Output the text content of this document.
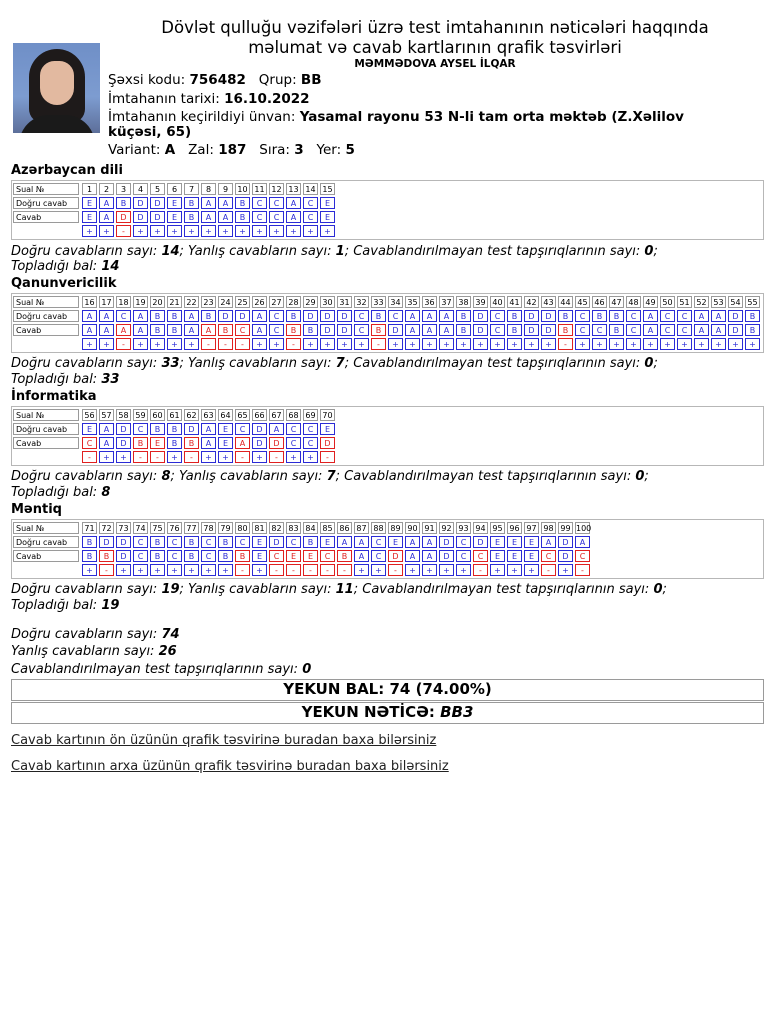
Dövlət qulluğu vəzifələri üzrə test imtahanının nəticələri haqqında
məlumat və cavab kartlarının qrafik təsvirləri
MƏMMƏDOVA AYSEL İLQAR
Şəxsi kodu: 756482 Qrup: BB
İmtahanın tarixi: 16.10.2022
İmtahanın keçirildiyi ünvan: Yasamal rayonu 53 N-li tam orta məktəb (Z.Xəlilov
küçəsi, 65)
Variant: A Zal: 187 Sıra: 3 Yer: 5
Azərbaycan dili
Sual №
Doğru cavab
Cavab
1
E
E
+
2
A
A
+
3
B
D
-
4
D
D
+
5
D
D
+
6
E
E
+
7
B
B
+
8
A
A
+
9
A
A
+
10
B
B
+
11
C
C
+
12
C
C
+
13
A
A
+
14
C
C
+
15
E
E
+
Doğru cavabların sayı: 14; Yanlış cavabların sayı: 1; Cavablandırılmayan test tapşırıqlarının sayı: 0;
Topladığı bal: 14
Qanunvericilik
Sual №
Doğru cavab
Cavab
16
A
A
+
17
A
A
+
18
C
A
-
19
A
A
+
20
B
B
+
21
B
B
+
22
A
A
+
23
B
A
-
24
D
B
-
25
D
C
-
26
A
A
+
27
C
C
+
28
B
B
-
29
D
B
+
30
D
D
+
31
D
D
+
32
C
C
+
33
B
B
-
34
C
D
+
35
A
A
+
36
A
A
+
37
A
A
+
38
B
B
+
39
D
D
+
40
C
C
+
41
B
B
+
42
D
D
+
43
D
D
+
44
B
B
-
45
C
C
+
46
B
C
+
47
B
B
+
48
C
C
+
49
A
A
+
50
C
C
+
51
C
C
+
52
A
A
+
53
A
A
+
54
D
D
+
55
B
B
+
Doğru cavabların sayı: 33; Yanlış cavabların sayı: 7; Cavablandırılmayan test tapşırıqlarının sayı: 0;
Topladığı bal: 33
İnformatika
Sual №
Doğru cavab
Cavab
56
E
C
-
57
A
A
+
58
D
D
+
59
C
B
-
60
B
E
-
61
B
B
+
62
D
B
-
63
A
A
+
64
E
E
+
65
C
A
-
66
D
D
+
67
A
D
-
68
C
C
+
69
C
C
+
70
E
D
-
Doğru cavabların sayı: 8; Yanlış cavabların sayı: 7; Cavablandırılmayan test tapşırıqlarının sayı: 0;
Topladığı bal: 8
Məntiq
Sual №
Doğru cavab
Cavab
71
B
B
+
72
D
B
-
73
D
D
+
74
C
C
+
75
B
B
+
76
C
C
+
77
B
B
+
78
C
C
+
79
B
B
+
80
C
B
-
81
E
E
+
82
D
C
-
83
C
E
-
84
B
E
-
85
E
C
-
86
A
B
-
87
A
A
+
88
C
C
+
89
E
D
-
90
A
A
+
91
A
A
+
92
D
D
+
93
C
C
+
94
D
C
-
95
E
E
+
96
E
E
+
97
E
E
+
98
A
C
-
99
D
D
+
100
A
C
-
Doğru cavabların sayı: 19; Yanlış cavabların sayı: 11; Cavablandırılmayan test tapşırıqlarının sayı: 0;
Topladığı bal: 19
Doğru cavabların sayı: 74
Yanlış cavabların sayı: 26
Cavablandırılmayan test tapşırıqlarının sayı: 0
YEKUN BAL: 74 (74.00%)
YEKUN NƏTİCƏ: BB3
Cavab kartının ön üzünün qrafik təsvirinə buradan baxa bilərsiniz
Cavab kartının arxa üzünün qrafik təsvirinə buradan baxa bilərsiniz
